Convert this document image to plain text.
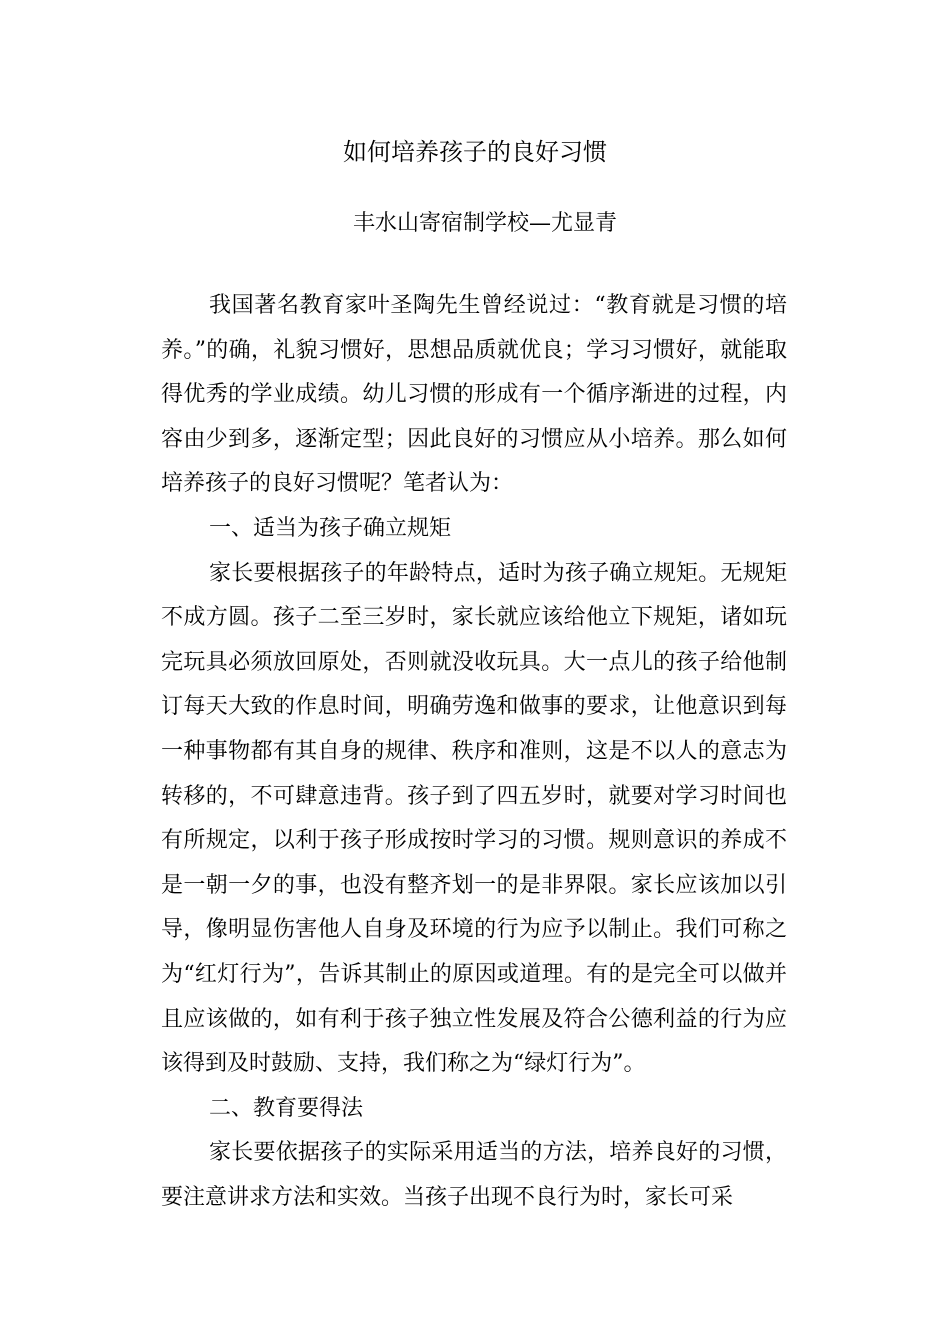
如何培养孩子的良好习惯
丰水山寄宿制学校—尤显青

我国著名教育家叶圣陶先生曾经说过：“教育就是习惯的培养。”的确，礼貌习惯好，思想品质就优良；学习习惯好，就能取得优秀的学业成绩。幼儿习惯的形成有一个循序渐进的过程，内容由少到多，逐渐定型；因此良好的习惯应从小培养。那么如何培养孩子的良好习惯呢？笔者认为：

一、适当为孩子确立规矩

家长要根据孩子的年龄特点，适时为孩子确立规矩。无规矩不成方圆。孩子二至三岁时，家长就应该给他立下规矩，诸如玩完玩具必须放回原处，否则就没收玩具。大一点儿的孩子给他制订每天大致的作息时间，明确劳逸和做事的要求，让他意识到每一种事物都有其自身的规律、秩序和准则，这是不以人的意志为转移的，不可肆意违背。孩子到了四五岁时，就要对学习时间也有所规定，以利于孩子形成按时学习的习惯。规则意识的养成不是一朝一夕的事，也没有整齐划一的是非界限。家长应该加以引导，像明显伤害他人自身及环境的行为应予以制止。我们可称之为“红灯行为”，告诉其制止的原因或道理。有的是完全可以做并且应该做的，如有利于孩子独立性发展及符合公德利益的行为应该得到及时鼓励、支持，我们称之为“绿灯行为”。

二、教育要得法

家长要依据孩子的实际采用适当的方法，培养良好的习惯，要注意讲求方法和实效。当孩子出现不良行为时，家长可采
